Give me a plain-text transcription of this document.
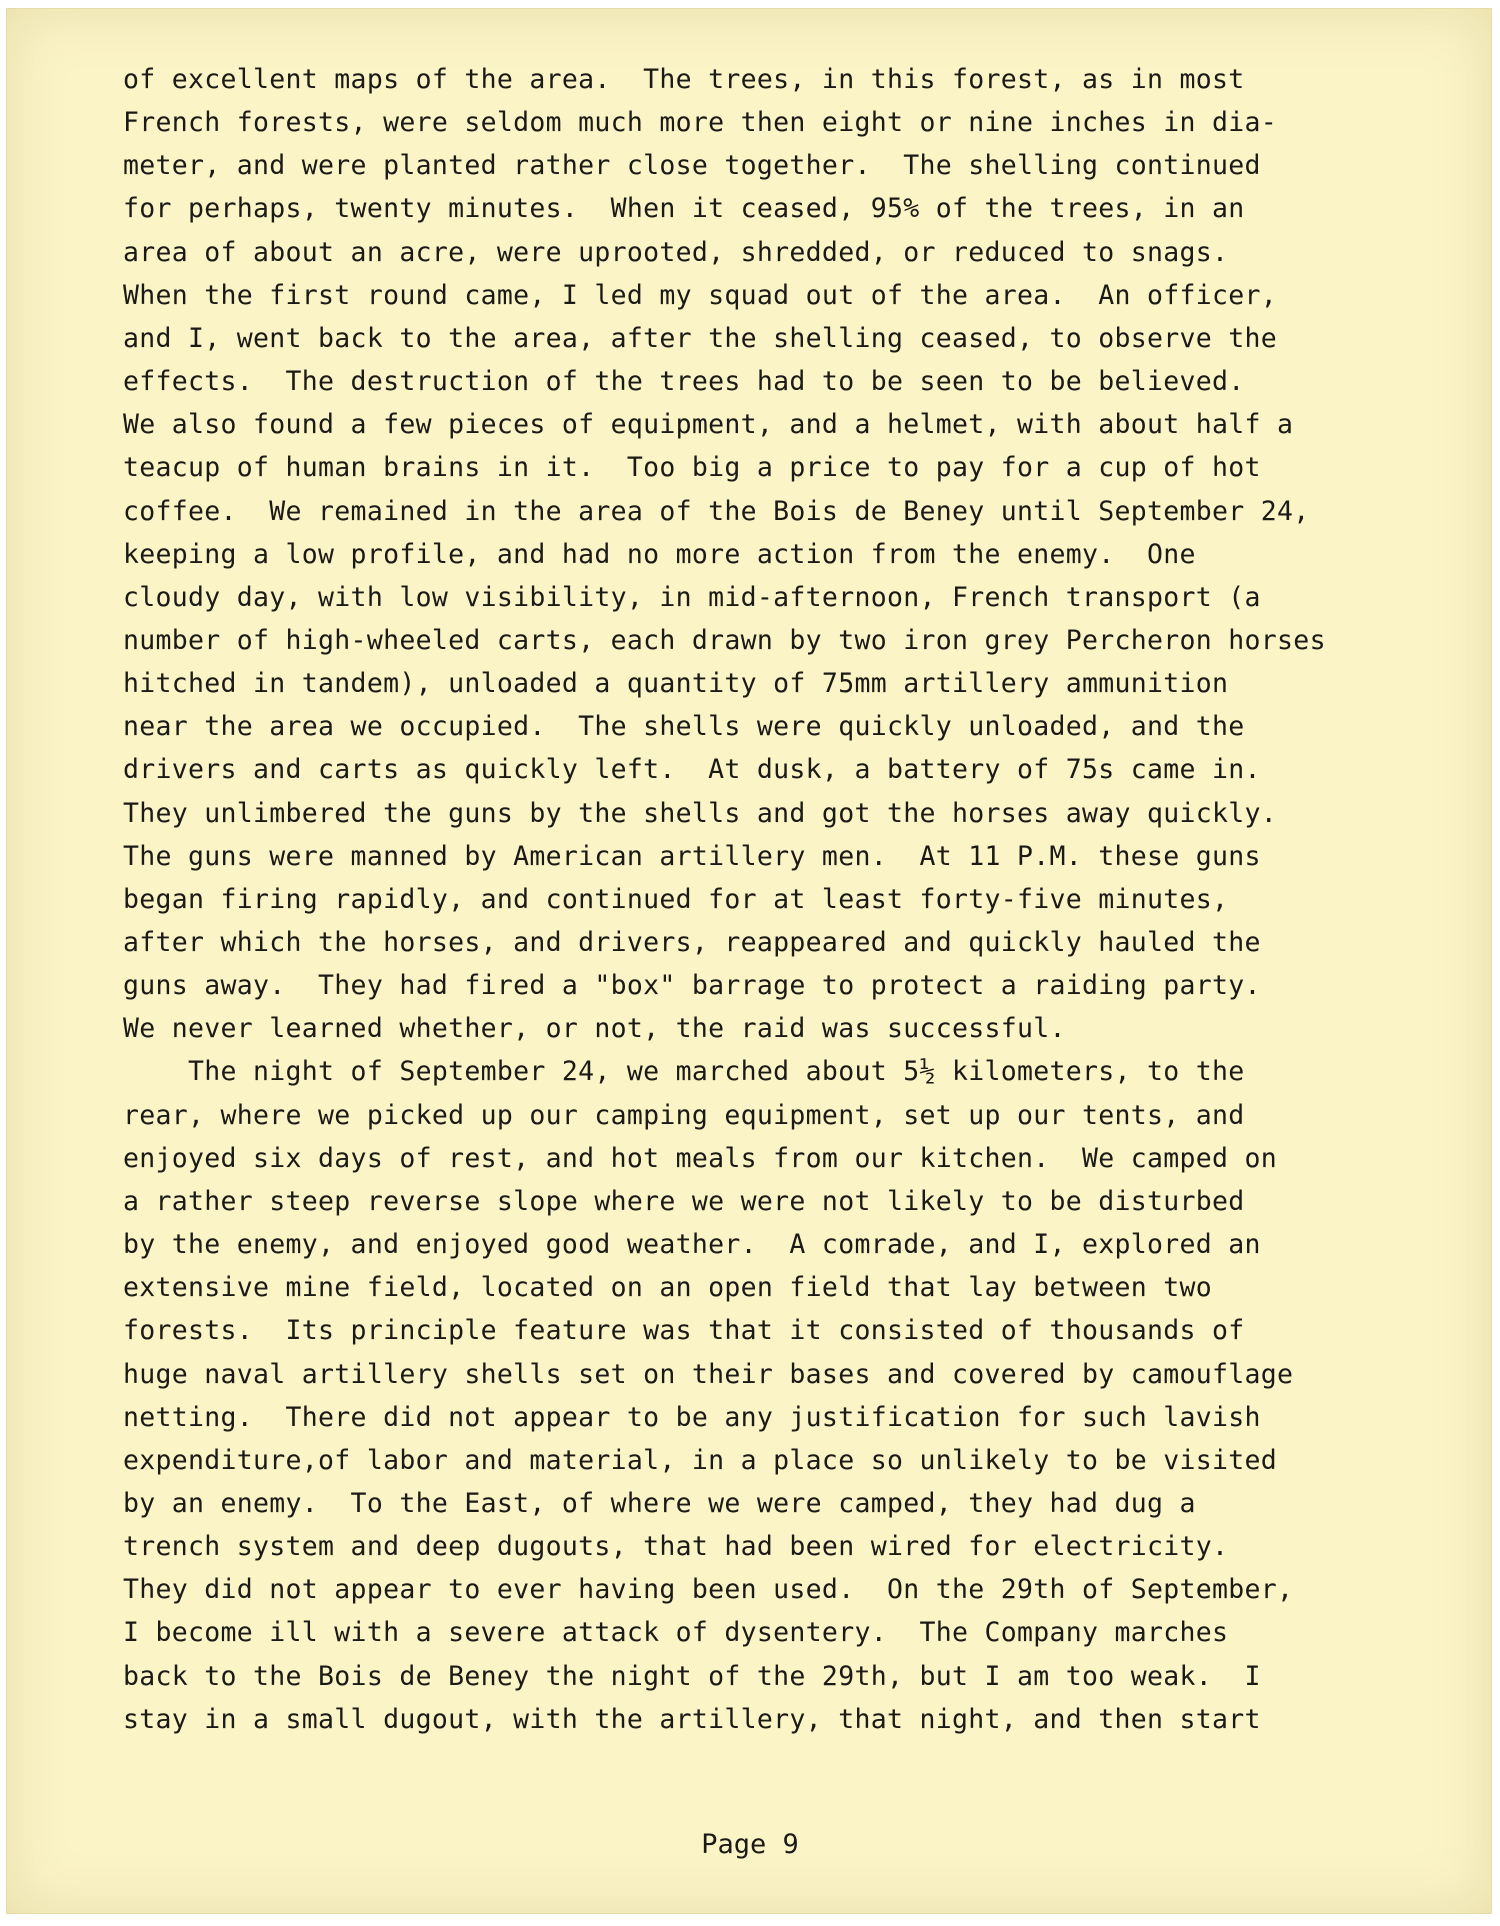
of excellent maps of the area.  The trees, in this forest, as in most
French forests, were seldom much more then eight or nine inches in dia-
meter, and were planted rather close together.  The shelling continued
for perhaps, twenty minutes.  When it ceased, 95% of the trees, in an
area of about an acre, were uprooted, shredded, or reduced to snags.
When the first round came, I led my squad out of the area.  An officer,
and I, went back to the area, after the shelling ceased, to observe the
effects.  The destruction of the trees had to be seen to be believed.
We also found a few pieces of equipment, and a helmet, with about half a
teacup of human brains in it.  Too big a price to pay for a cup of hot
coffee.  We remained in the area of the Bois de Beney until September 24,
keeping a low profile, and had no more action from the enemy.  One
cloudy day, with low visibility, in mid-afternoon, French transport (a
number of high-wheeled carts, each drawn by two iron grey Percheron horses
hitched in tandem), unloaded a quantity of 75mm artillery ammunition
near the area we occupied.  The shells were quickly unloaded, and the
drivers and carts as quickly left.  At dusk, a battery of 75s came in.
They unlimbered the guns by the shells and got the horses away quickly.
The guns were manned by American artillery men.  At 11 P.M. these guns
began firing rapidly, and continued for at least forty-five minutes,
after which the horses, and drivers, reappeared and quickly hauled the
guns away.  They had fired a "box" barrage to protect a raiding party.
We never learned whether, or not, the raid was successful.
The night of September 24, we marched about 5½ kilometers, to the
rear, where we picked up our camping equipment, set up our tents, and
enjoyed six days of rest, and hot meals from our kitchen.  We camped on
a rather steep reverse slope where we were not likely to be disturbed
by the enemy, and enjoyed good weather.  A comrade, and I, explored an
extensive mine field, located on an open field that lay between two
forests.  Its principle feature was that it consisted of thousands of
huge naval artillery shells set on their bases and covered by camouflage
netting.  There did not appear to be any justification for such lavish
expenditure,of labor and material, in a place so unlikely to be visited
by an enemy.  To the East, of where we were camped, they had dug a
trench system and deep dugouts, that had been wired for electricity.
They did not appear to ever having been used.  On the 29th of September,
I become ill with a severe attack of dysentery.  The Company marches
back to the Bois de Beney the night of the 29th, but I am too weak.  I
stay in a small dugout, with the artillery, that night, and then start
Page 9
